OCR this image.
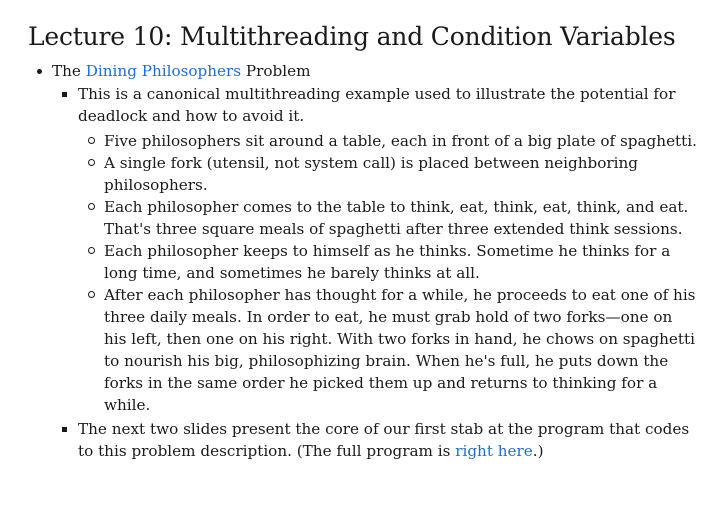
Lecture 10: Multithreading and Condition Variables
The Dining Philosophers Problem
This is a canonical multithreading example used to illustrate the potential for deadlock and how to avoid it.
Five philosophers sit around a table, each in front of a big plate of spaghetti.
A single fork (utensil, not system call) is placed between neighboring philosophers.
Each philosopher comes to the table to think, eat, think, eat, think, and eat. That's three square meals of spaghetti after three extended think sessions.
Each philosopher keeps to himself as he thinks. Sometime he thinks for a long time, and sometimes he barely thinks at all.
After each philosopher has thought for a while, he proceeds to eat one of his three daily meals. In order to eat, he must grab hold of two forks—one on his left, then one on his right. With two forks in hand, he chows on spaghetti to nourish his big, philosophizing brain. When he's full, he puts down the forks in the same order he picked them up and returns to thinking for a while.
The next two slides present the core of our first stab at the program that codes to this problem description. (The full program is right here.)
